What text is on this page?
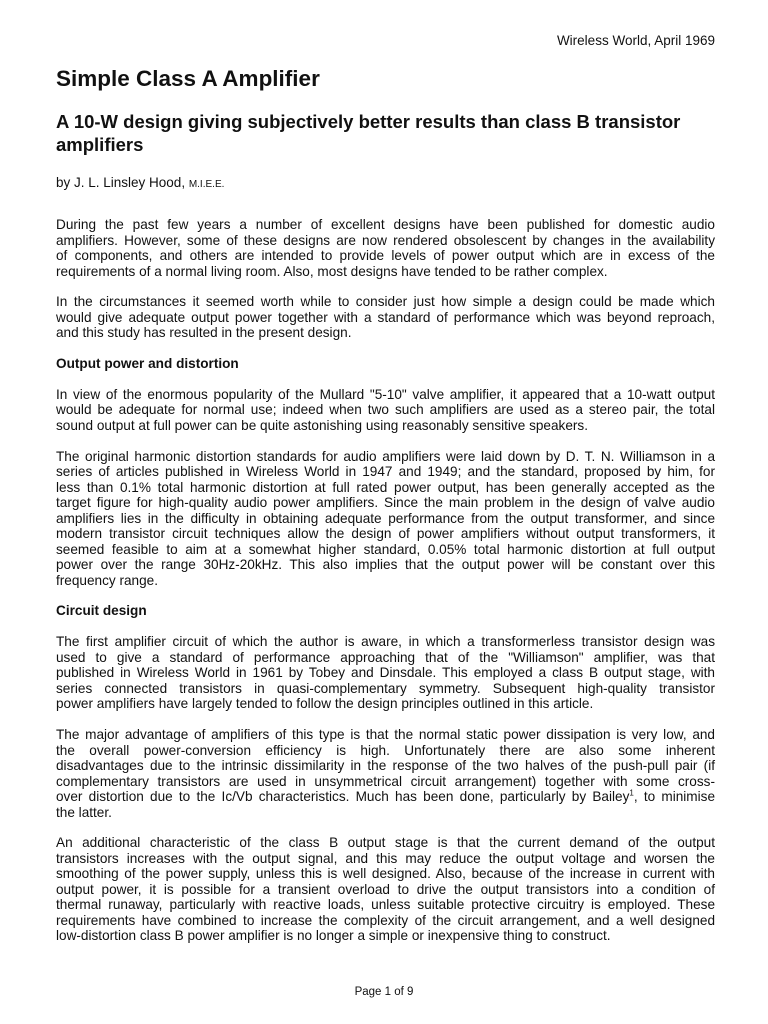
Wireless World, April 1969
Simple Class A Amplifier
A 10-W design giving subjectively better results than class B transistor amplifiers
by J. L. Linsley Hood, M.I.E.E.
During the past few years a number of excellent designs have been published for domestic audio
amplifiers. However, some of these designs are now rendered obsolescent by changes in the availability
of components, and others are intended to provide levels of power output which are in excess of the
requirements of a normal living room. Also, most designs have tended to be rather complex.
In the circumstances it seemed worth while to consider just how simple a design could be made which
would give adequate output power together with a standard of performance which was beyond reproach,
and this study has resulted in the present design.
Output power and distortion
In view of the enormous popularity of the Mullard "5-10" valve amplifier, it appeared that a 10-watt output
would be adequate for normal use; indeed when two such amplifiers are used as a stereo pair, the total
sound output at full power can be quite astonishing using reasonably sensitive speakers.
The original harmonic distortion standards for audio amplifiers were laid down by D. T. N. Williamson in a
series of articles published in Wireless World in 1947 and 1949; and the standard, proposed by him, for
less than 0.1% total harmonic distortion at full rated power output, has been generally accepted as the
target figure for high-quality audio power amplifiers. Since the main problem in the design of valve audio
amplifiers lies in the difficulty in obtaining adequate performance from the output transformer, and since
modern transistor circuit techniques allow the design of power amplifiers without output transformers, it
seemed feasible to aim at a somewhat higher standard, 0.05% total harmonic distortion at full output
power over the range 30Hz-20kHz. This also implies that the output power will be constant over this
frequency range.
Circuit design
The first amplifier circuit of which the author is aware, in which a transformerless transistor design was
used to give a standard of performance approaching that of the "Williamson" amplifier, was that
published in Wireless World in 1961 by Tobey and Dinsdale. This employed a class B output stage, with
series connected transistors in quasi-complementary symmetry. Subsequent high-quality transistor
power amplifiers have largely tended to follow the design principles outlined in this article.
The major advantage of amplifiers of this type is that the normal static power dissipation is very low, and
the overall power-conversion efficiency is high. Unfortunately there are also some inherent
disadvantages due to the intrinsic dissimilarity in the response of the two halves of the push-pull pair (if
complementary transistors are used in unsymmetrical circuit arrangement) together with some cross-
over distortion due to the Ic/Vb characteristics. Much has been done, particularly by Bailey$^1$, to minimise
the latter.
An additional characteristic of the class B output stage is that the current demand of the output
transistors increases with the output signal, and this may reduce the output voltage and worsen the
smoothing of the power supply, unless this is well designed. Also, because of the increase in current with
output power, it is possible for a transient overload to drive the output transistors into a condition of
thermal runaway, particularly with reactive loads, unless suitable protective circuitry is employed. These
requirements have combined to increase the complexity of the circuit arrangement, and a well designed
low-distortion class B power amplifier is no longer a simple or inexpensive thing to construct.
Page 1 of 9
